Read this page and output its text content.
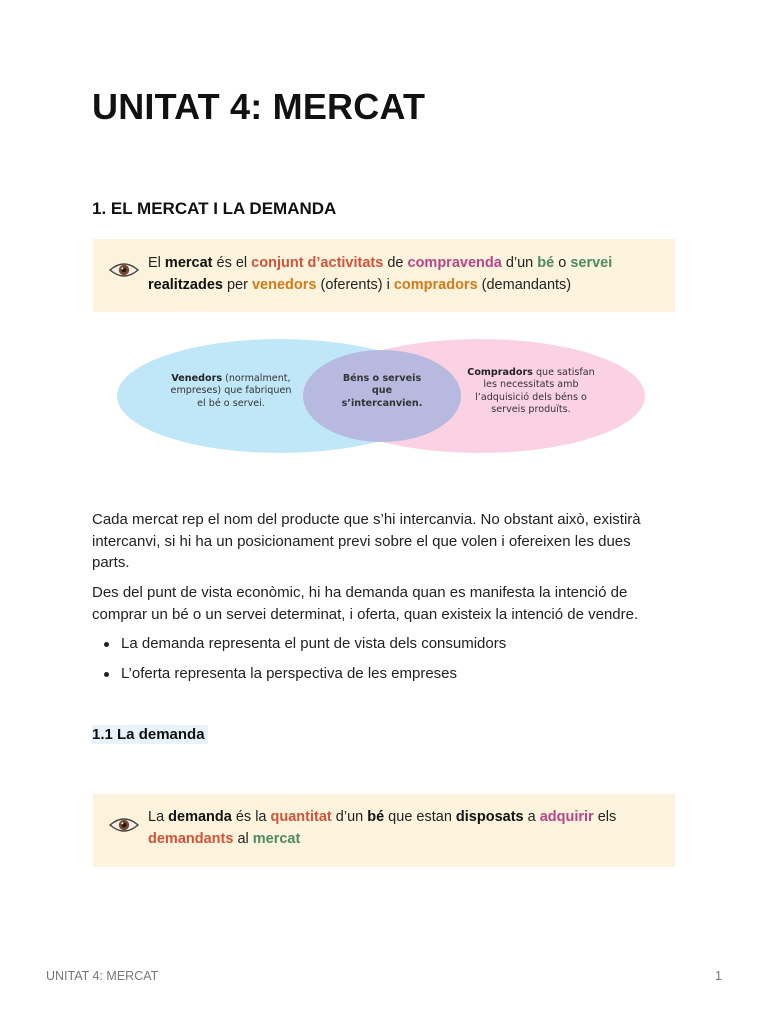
UNITAT 4: MERCAT
1. EL MERCAT I LA DEMANDA
El mercat és el conjunt d’activitats de compravenda d’un bé o servei realitzades per venedors (oferents) i compradors (demandants)
Venedors (normalment, empreses) que fabriquen el bé o servei.
Béns o serveis que s’intercanvien.
Compradors que satisfan les necessitats amb l’adquisició dels béns o serveis produïts.
Cada mercat rep el nom del producte que s’hi intercanvia. No obstant això, existirà intercanvi, si hi ha un posicionament previ sobre el que volen i ofereixen les dues parts.
Des del punt de vista econòmic, hi ha demanda quan es manifesta la intenció de comprar un bé o un servei determinat, i oferta, quan existeix la intenció de vendre.
La demanda representa el punt de vista dels consumidors
L’oferta representa la perspectiva de les empreses
1.1 La demanda
La demanda és la quantitat d’un bé que estan disposats a adquirir els demandants al mercat
UNITAT 4: MERCAT	1
